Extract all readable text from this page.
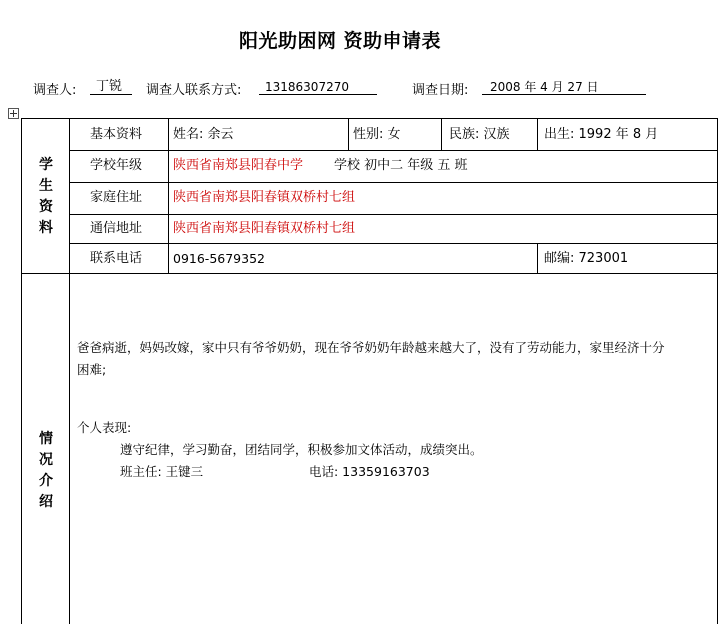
阳光助困网 资助申请表
调查人:	丁锐	调查人联系方式:	13186307270	调查日期:	2008 年 4 月 27 日
学
生
资
料
基本资料 姓名: 余云	性别: 女	民族: 汉族	出生: 1992 年 8 月
学校年级 陕西省南郑县阳春中学 学校 初中二 年级 五 班
家庭住址 陕西省南郑县阳春镇双桥村七组
通信地址 陕西省南郑县阳春镇双桥村七组
联系电话 0916-5679352	邮编: 723001
情
况
介
绍
爸爸病逝，妈妈改嫁，家中只有爷爷奶奶，现在爷爷奶奶年龄越来越大了，没有了劳动能力，家里经济十分
困难;
个人表现:
遵守纪律，学习勤奋，团结同学，积极参加文体活动，成绩突出。
班主任: 王键三	电话: 13359163703
